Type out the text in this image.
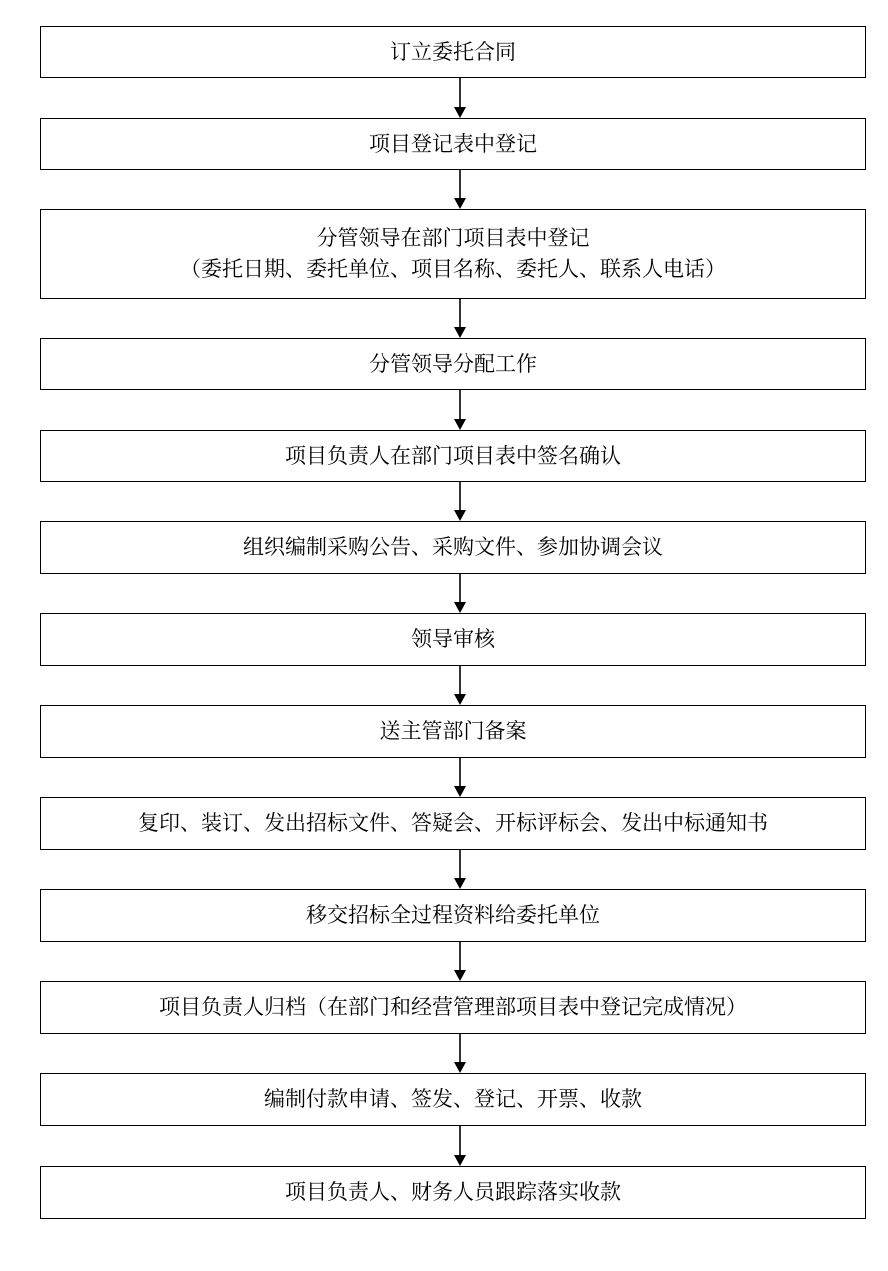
订立委托合同
项目登记表中登记
分管领导在部门项目表中登记
（委托日期、委托单位、项目名称、委托人、联系人电话）
分管领导分配工作
项目负责人在部门项目表中签名确认
组织编制采购公告、采购文件、参加协调会议
领导审核
送主管部门备案
复印、装订、发出招标文件、答疑会、开标评标会、发出中标通知书
移交招标全过程资料给委托单位
项目负责人归档（在部门和经营管理部项目表中登记完成情况）
编制付款申请、签发、登记、开票、收款
项目负责人、财务人员跟踪落实收款
